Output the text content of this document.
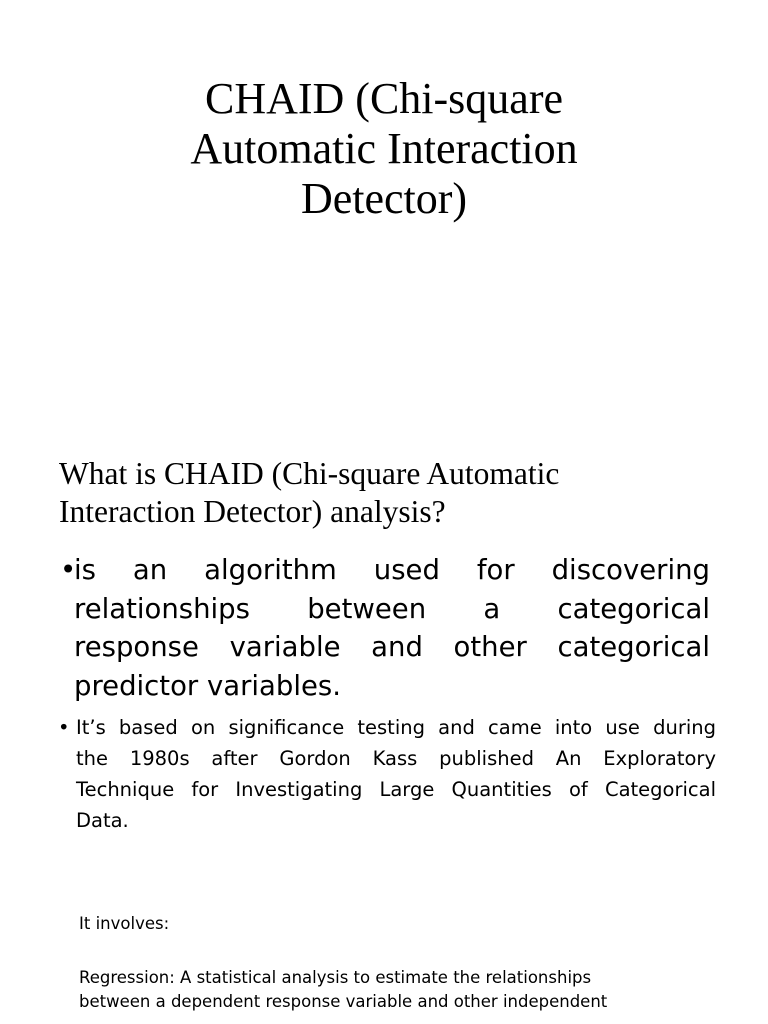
CHAID (Chi-square
Automatic Interaction
Detector)
What is CHAID (Chi-square Automatic
Interaction Detector) analysis?
•
is an algorithm used for discovering
relationships between a categorical
response variable and other categorical
predictor variables.
• It’s based on significance testing and came into use during
the 1980s after Gordon Kass published An Exploratory
Technique for Investigating Large Quantities of Categorical
Data.

It involves:

Regression: A statistical analysis to estimate the relationships
between a dependent response variable and other independent
